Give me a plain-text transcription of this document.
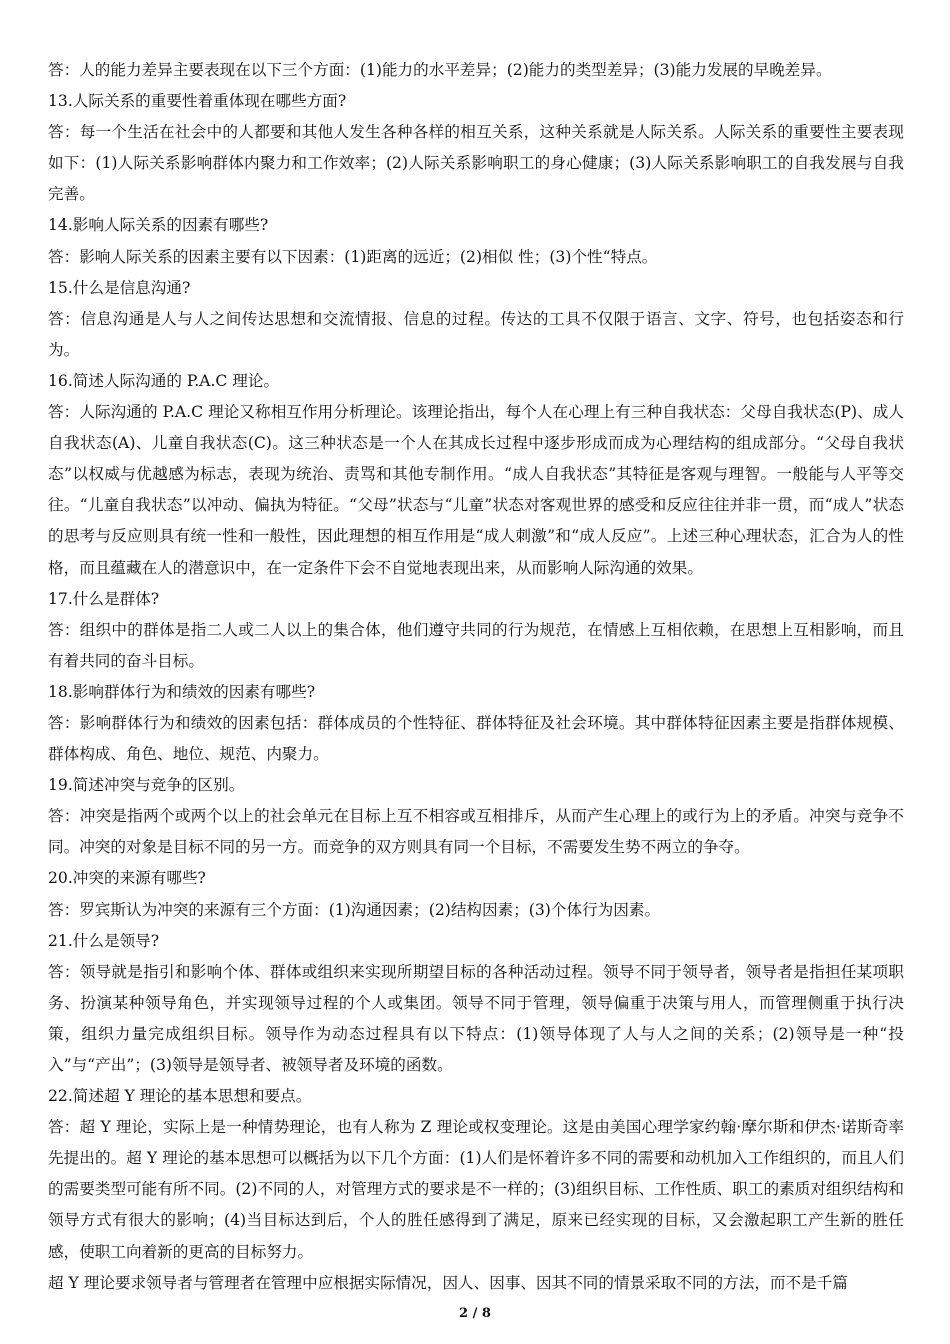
答：人的能力差异主要表现在以下三个方面：(1)能力的水平差异；(2)能力的类型差异；(3)能力发展的早晚差异。

13.人际关系的重要性着重体现在哪些方面?

答：每一个生活在社会中的人都要和其他人发生各种各样的相互关系，这种关系就是人际关系。人际关系的重要性主要表现如下：(1)人际关系影响群体内聚力和工作效率；(2)人际关系影响职工的身心健康；(3)人际关系影响职工的自我发展与自我完善。

14.影响人际关系的因素有哪些?

答：影响人际关系的因素主要有以下因素：(1)距离的远近；(2)相似 性；(3)个性“特点。

15.什么是信息沟通?

答：信息沟通是人与人之间传达思想和交流情报、信息的过程。传达的工具不仅限于语言、文字、符号，也包括姿态和行为。

16.简述人际沟通的 P.A.C 理论。

答：人际沟通的 P.A.C 理论又称相互作用分析理论。该理论指出，每个人在心理上有三种自我状态：父母自我状态(P)、成人自我状态(A)、儿童自我状态(C)。这三种状态是一个人在其成长过程中逐步形成而成为心理结构的组成部分。“父母自我状态”以权威与优越感为标志，表现为统治、责骂和其他专制作用。“成人自我状态”其特征是客观与理智。一般能与人平等交往。“儿童自我状态”以冲动、偏执为特征。“父母”状态与“儿童”状态对客观世界的感受和反应往往并非一贯，而“成人”状态的思考与反应则具有统一性和一般性，因此理想的相互作用是“成人刺激”和“成人反应”。上述三种心理状态，汇合为人的性格，而且蕴藏在人的潜意识中，在一定条件下会不自觉地表现出来，从而影响人际沟通的效果。

17.什么是群体?

答：组织中的群体是指二人或二人以上的集合体，他们遵守共同的行为规范，在情感上互相依赖，在思想上互相影响，而且有着共同的奋斗目标。

18.影响群体行为和绩效的因素有哪些?

答：影响群体行为和绩效的因素包括：群体成员的个性特征、群体特征及社会环境。其中群体特征因素主要是指群体规模、群体构成、角色、地位、规范、内聚力。

19.简述冲突与竞争的区别。

答：冲突是指两个或两个以上的社会单元在目标上互不相容或互相排斥，从而产生心理上的或行为上的矛盾。冲突与竞争不同。冲突的对象是目标不同的另一方。而竞争的双方则具有同一个目标，不需要发生势不两立的争夺。

20.冲突的来源有哪些?

答：罗宾斯认为冲突的来源有三个方面：(1)沟通因素；(2)结构因素；(3)个体行为因素。

21.什么是领导?

答：领导就是指引和影响个体、群体或组织来实现所期望目标的各种活动过程。领导不同于领导者，领导者是指担任某项职务、扮演某种领导角色，并实现领导过程的个人或集团。领导不同于管理，领导偏重于决策与用人，而管理侧重于执行决策，组织力量完成组织目标。领导作为动态过程具有以下特点：(1)领导体现了人与人之间的关系；(2)领导是一种“投入”与“产出”；(3)领导是领导者、被领导者及环境的函数。

22.简述超 Y 理论的基本思想和要点。

答：超 Y 理论，实际上是一种情势理论，也有人称为 Z 理论或权变理论。这是由美国心理学家约翰·摩尔斯和伊杰·诺斯奇率先提出的。超 Y 理论的基本思想可以概括为以下几个方面：(1)人们是怀着许多不同的需要和动机加入工作组织的，而且人们的需要类型可能有所不同。(2)不同的人，对管理方式的要求是不一样的；(3)组织目标、工作性质、职工的素质对组织结构和领导方式有很大的影响；(4)当目标达到后，个人的胜任感得到了满足，原来已经实现的目标，又会激起职工产生新的胜任感，使职工向着新的更高的目标努力。

超 Y 理论要求领导者与管理者在管理中应根据实际情况，因人、因事、因其不同的情景采取不同的方法，而不是千篇

2 / 8
